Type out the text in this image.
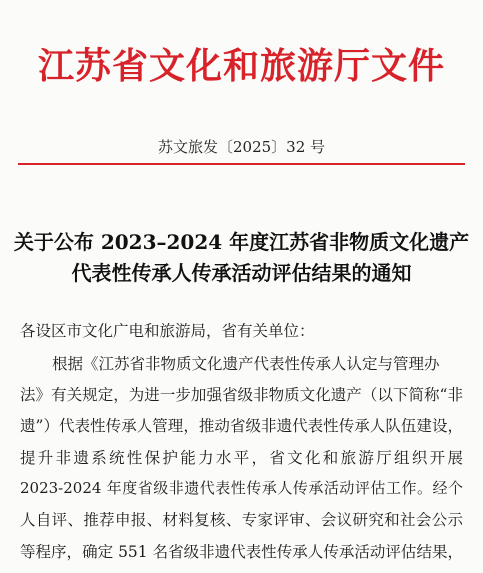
江苏省文化和旅游厅文件
苏文旅发〔2025〕32 号
关于公布 2023–2024 年度江苏省非物质文化遗产
代表性传承人传承活动评估结果的通知
各设区市文化广电和旅游局，省有关单位：
根据《江苏省非物质文化遗产代表性传承人认定与管理办
法》有关规定，为进一步加强省级非物质文化遗产（以下简称“非
遗”）代表性传承人管理，推动省级非遗代表性传承人队伍建设，
提升非遗系统性保护能力水平，省文化和旅游厅组织开展
2023-2024 年度省级非遗代表性传承人传承活动评估工作。经个
人自评、推荐申报、材料复核、专家评审、会议研究和社会公示
等程序，确定 551 名省级非遗代表性传承人传承活动评估结果，
